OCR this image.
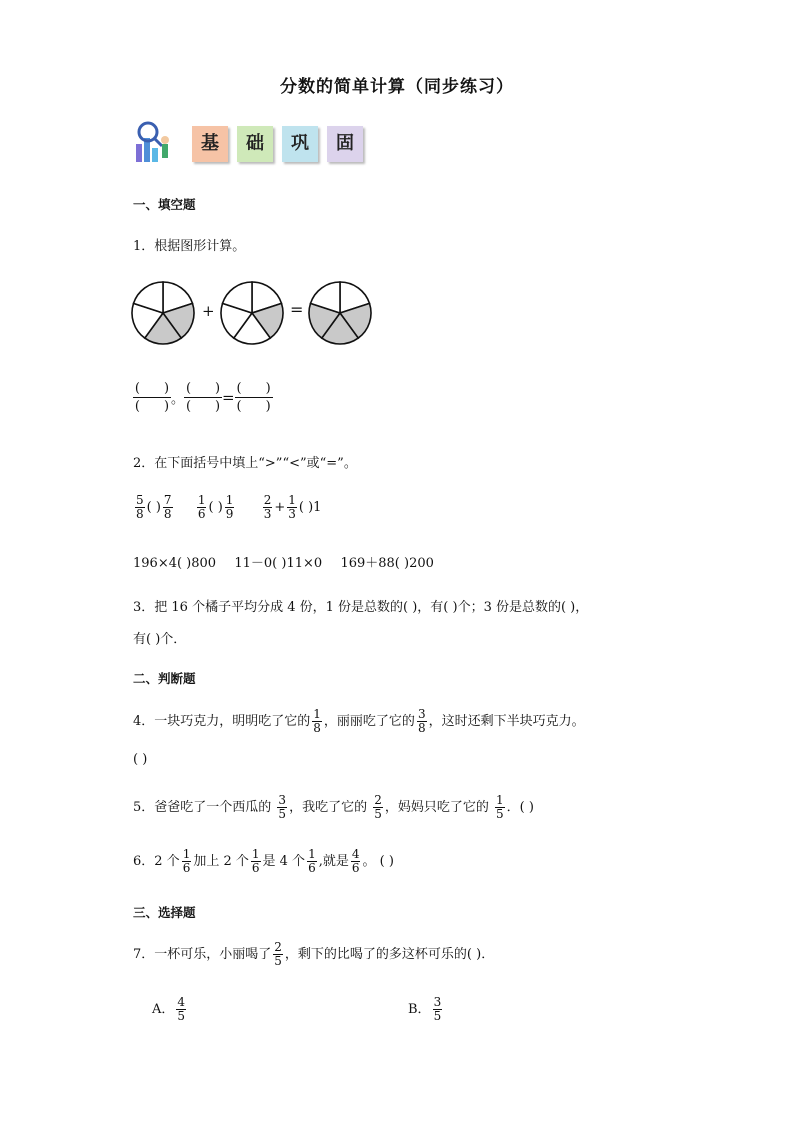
分数的简单计算（同步练习）
基	础	巩	固
一、填空题
1．根据图形计算。
+	=
$\frac{( )}{( )}$ 。 $\frac{( )}{( )} = \frac{( )}{( )}$
2．在下面括号中填上“>”“<”或“=”。
$\frac{5}{8}$ ( ) $\frac{7}{8}$
$\frac{1}{6}$ ( ) $\frac{1}{9}$
$\frac{2}{3} + \frac{1}{3}$ ( )1
196×4( )800 11－0( )11×0 169＋88( )200
3．把 16 个橘子平均分成 4 份，1 份是总数的( )，有( )个；3 份是总数的( )，
有( )个．
二、判断题
4．一块巧克力，明明吃了它的 $\frac{1}{8}$ ，丽丽吃了它的 $\frac{3}{8}$ ，这时还剩下半块巧克力。
( )
5．爸爸吃了一个西瓜的 $\frac{3}{5}$ ，我吃了它的 $\frac{2}{5}$ ，妈妈只吃了它的 $\frac{1}{5}$ ．( )
6．2 个 $\frac{1}{6}$ 加上 2 个 $\frac{1}{6}$ 是 4 个 $\frac{1}{6}$ ,就是 $\frac{4}{6}$ 。 ( )
三、选择题
7．一杯可乐，小丽喝了 $\frac{2}{5}$ ，剩下的比喝了的多这杯可乐的( )．
A． $\frac{4}{5}$	B． $\frac{3}{5}$
